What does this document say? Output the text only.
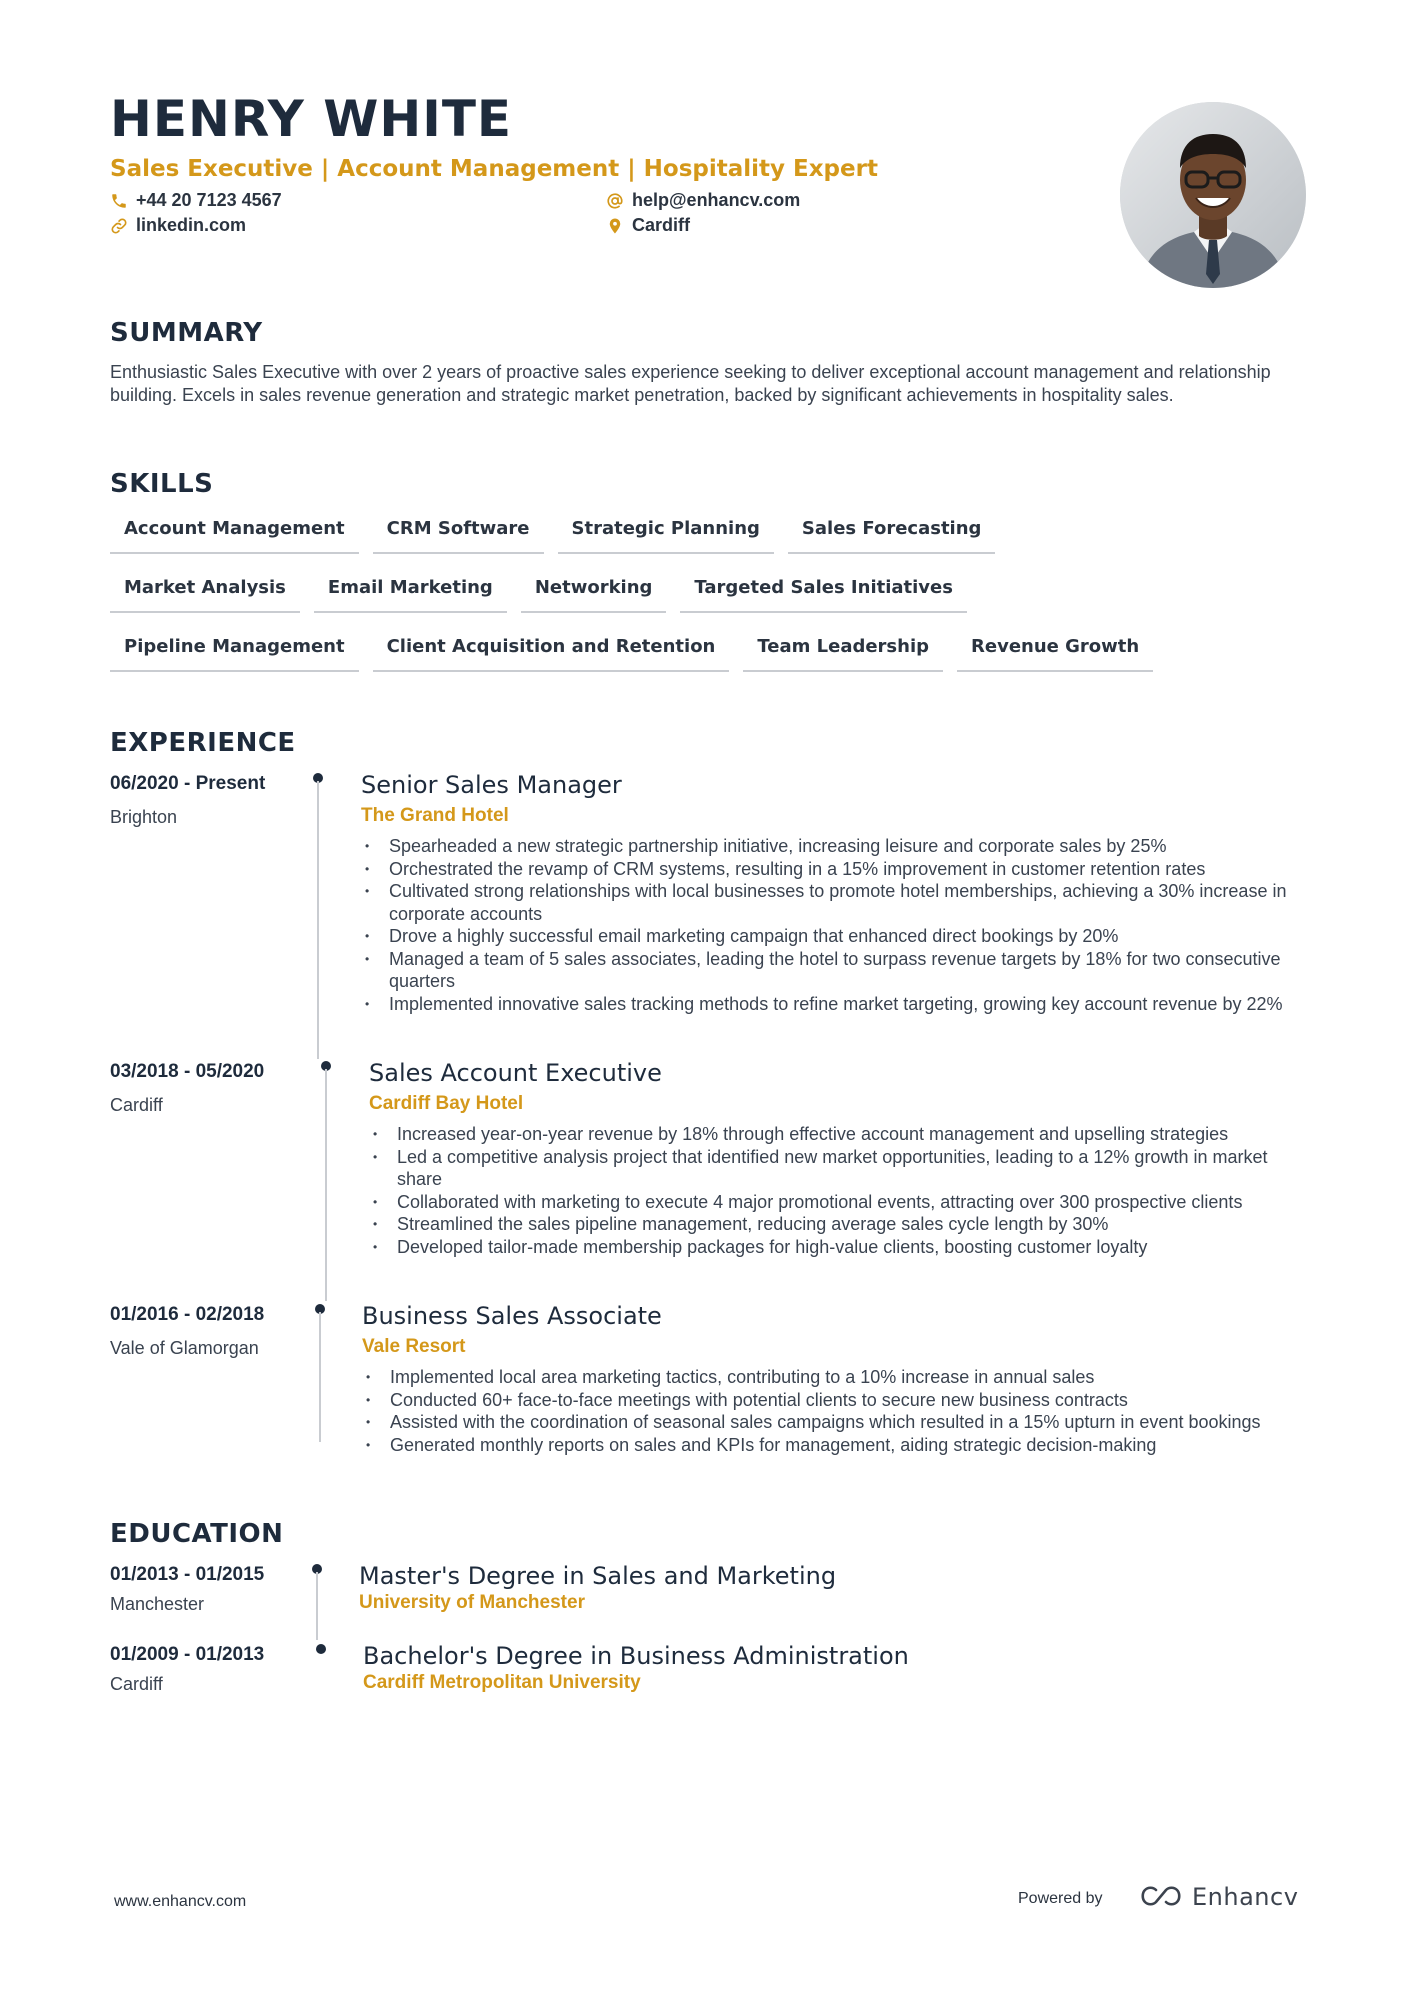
HENRY WHITE
Sales Executive | Account Management | Hospitality Expert
+44 20 7123 4567	help@enhancv.com
linkedin.com	Cardiff
SUMMARY

Enthusiastic Sales Executive with over 2 years of proactive sales experience seeking to deliver exceptional account management and relationship building. Excels in sales revenue generation and strategic market penetration, backed by significant achievements in hospitality sales.

SKILLS
Account Management	CRM Software	Strategic Planning	Sales Forecasting
Market Analysis	Email Marketing	Networking	Targeted Sales Initiatives
Pipeline Management	Client Acquisition and Retention	Team Leadership	Revenue Growth
EXPERIENCE
06/2020 - Present
Brighton
Senior Sales Manager
The Grand Hotel
• Spearheaded a new strategic partnership initiative, increasing leisure and corporate sales by 25%
• Orchestrated the revamp of CRM systems, resulting in a 15% improvement in customer retention rates
• Cultivated strong relationships with local businesses to promote hotel memberships, achieving a 30% increase in corporate accounts
• Drove a highly successful email marketing campaign that enhanced direct bookings by 20%
• Managed a team of 5 sales associates, leading the hotel to surpass revenue targets by 18% for two consecutive quarters
• Implemented innovative sales tracking methods to refine market targeting, growing key account revenue by 22%
03/2018 - 05/2020
Cardiff
Sales Account Executive
Cardiff Bay Hotel
• Increased year-on-year revenue by 18% through effective account management and upselling strategies
• Led a competitive analysis project that identified new market opportunities, leading to a 12% growth in market share
• Collaborated with marketing to execute 4 major promotional events, attracting over 300 prospective clients
• Streamlined the sales pipeline management, reducing average sales cycle length by 30%
• Developed tailor-made membership packages for high-value clients, boosting customer loyalty
01/2016 - 02/2018
Vale of Glamorgan
Business Sales Associate
Vale Resort
• Implemented local area marketing tactics, contributing to a 10% increase in annual sales
• Conducted 60+ face-to-face meetings with potential clients to secure new business contracts
• Assisted with the coordination of seasonal sales campaigns which resulted in a 15% upturn in event bookings
• Generated monthly reports on sales and KPIs for management, aiding strategic decision-making
EDUCATION
01/2013 - 01/2015
Manchester
Master's Degree in Sales and Marketing
University of Manchester
01/2009 - 01/2013
Cardiff
Bachelor's Degree in Business Administration
Cardiff Metropolitan University
www.enhancv.com	Powered by	Enhancv
